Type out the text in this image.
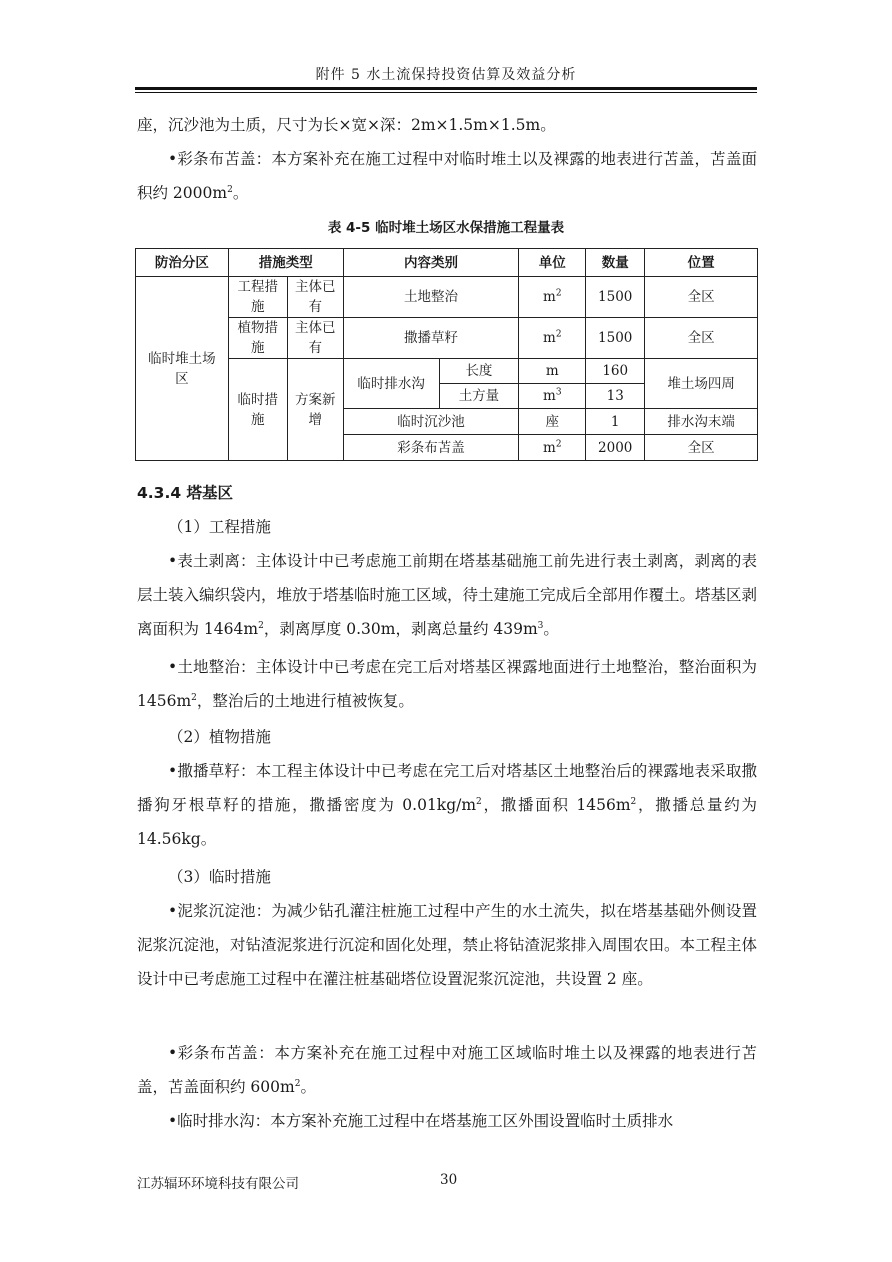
附件 5 水土流保持投资估算及效益分析
座，沉沙池为土质，尺寸为长×宽×深：2m×1.5m×1.5m。
•彩条布苫盖：本方案补充在施工过程中对临时堆土以及裸露的地表进行苫盖，苫盖面积约 $2000m^2$。
表 4-5 临时堆土场区水保措施工程量表
防治分区	措施类型		内容类别		单位	数量	位置
临时堆土场区	工程措施	主体已有	土地整治		$m^2$	1500	全区
	植物措施	主体已有	撒播草籽		$m^2$	1500	全区
	临时措施	方案新增	临时排水沟	长度	m	160	堆土场四周
				土方量	$m^3$	13	
			临时沉沙池		座	1	排水沟末端
			彩条布苫盖		$m^2$	2000	全区
4.3.4 塔基区
（1）工程措施
•表土剥离：主体设计中已考虑施工前期在塔基基础施工前先进行表土剥离，剥离的表层土装入编织袋内，堆放于塔基临时施工区域，待土建施工完成后全部用作覆土。塔基区剥离面积为 $1464m^2$，剥离厚度 0.30m，剥离总量约 $439m^3$。
•土地整治：主体设计中已考虑在完工后对塔基区裸露地面进行土地整治，整治面积为 $1456m^2$，整治后的土地进行植被恢复。
（2）植物措施
•撒播草籽：本工程主体设计中已考虑在完工后对塔基区土地整治后的裸露地表采取撒播狗牙根草籽的措施，撒播密度为 $0.01kg/m^2$，撒播面积 $1456m^2$，撒播总量约为 14.56kg。
（3）临时措施
•泥浆沉淀池：为减少钻孔灌注桩施工过程中产生的水土流失，拟在塔基基础外侧设置泥浆沉淀池，对钻渣泥浆进行沉淀和固化处理，禁止将钻渣泥浆排入周围农田。本工程主体设计中已考虑施工过程中在灌注桩基础塔位设置泥浆沉淀池，共设置 2 座。
•彩条布苫盖：本方案补充在施工过程中对施工区域临时堆土以及裸露的地表进行苫盖，苫盖面积约 $600m^2$。
•临时排水沟：本方案补充施工过程中在塔基施工区外围设置临时土质排水
江苏辐环环境科技有限公司	30
